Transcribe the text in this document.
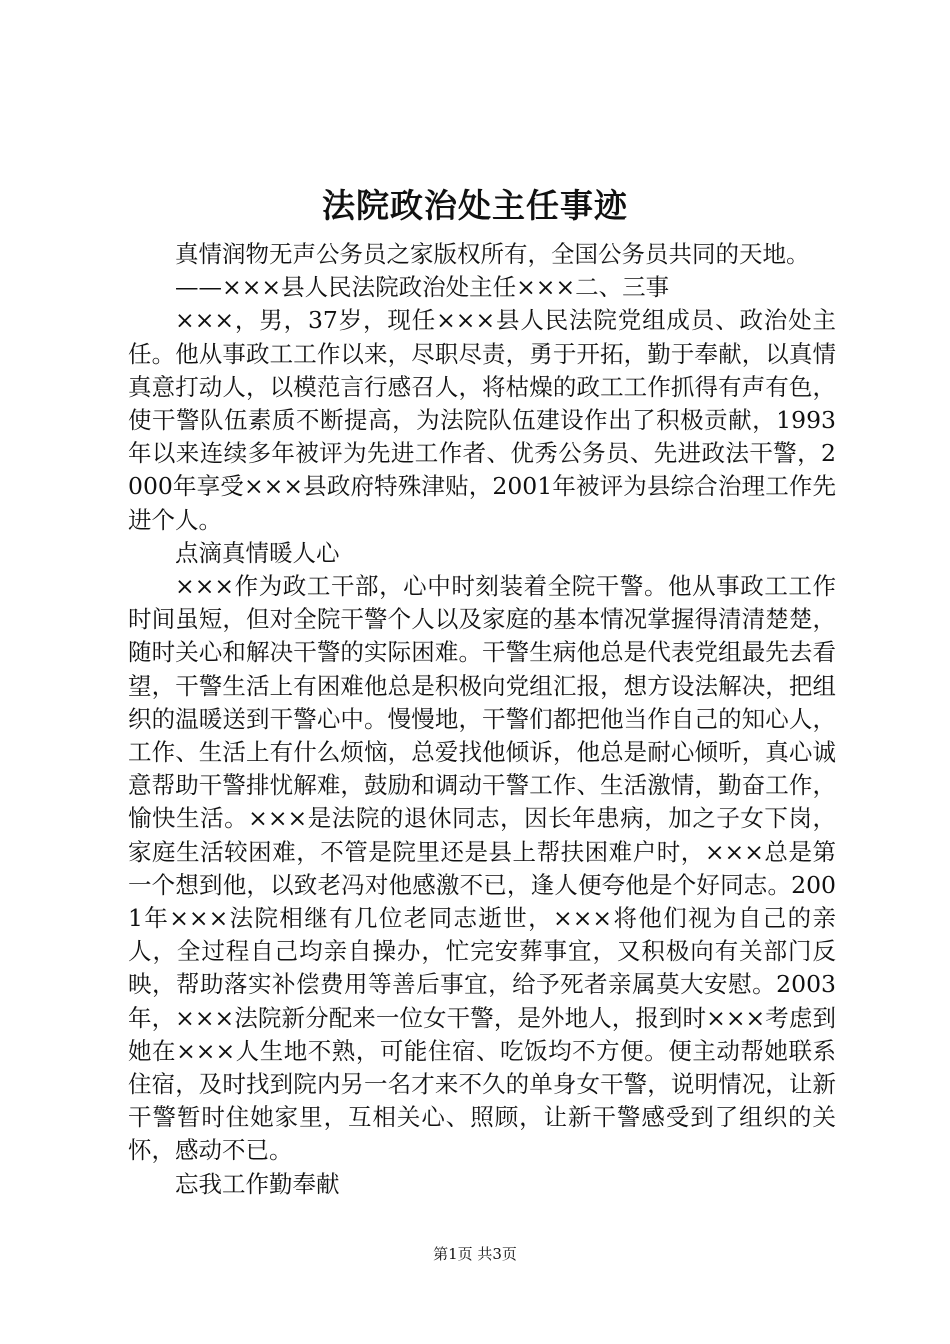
法院政治处主任事迹

真情润物无声公务员之家版权所有，全国公务员共同的天地。

——×××县人民法院政治处主任×××二、三事

×××，男，37岁，现任×××县人民法院党组成员、政治处主任。他从事政工工作以来，尽职尽责，勇于开拓，勤于奉献，以真情真意打动人，以模范言行感召人，将枯燥的政工工作抓得有声有色，使干警队伍素质不断提高，为法院队伍建设作出了积极贡献，1993年以来连续多年被评为先进工作者、优秀公务员、先进政法干警，2000年享受×××县政府特殊津贴，2001年被评为县综合治理工作先进个人。

点滴真情暖人心

×××作为政工干部，心中时刻装着全院干警。他从事政工工作时间虽短，但对全院干警个人以及家庭的基本情况掌握得清清楚楚，随时关心和解决干警的实际困难。干警生病他总是代表党组最先去看望，干警生活上有困难他总是积极向党组汇报，想方设法解决，把组织的温暖送到干警心中。慢慢地，干警们都把他当作自己的知心人，工作、生活上有什么烦恼，总爱找他倾诉，他总是耐心倾听，真心诚意帮助干警排忧解难，鼓励和调动干警工作、生活激情，勤奋工作，愉快生活。×××是法院的退休同志，因长年患病，加之子女下岗，家庭生活较困难，不管是院里还是县上帮扶困难户时，×××总是第一个想到他，以致老冯对他感激不已，逢人便夸他是个好同志。2001年×××法院相继有几位老同志逝世，×××将他们视为自己的亲人，全过程自己均亲自操办，忙完安葬事宜，又积极向有关部门反映，帮助落实补偿费用等善后事宜，给予死者亲属莫大安慰。2003年，×××法院新分配来一位女干警，是外地人，报到时×××考虑到她在×××人生地不熟，可能住宿、吃饭均不方便。便主动帮她联系住宿，及时找到院内另一名才来不久的单身女干警，说明情况，让新干警暂时住她家里，互相关心、照顾，让新干警感受到了组织的关怀，感动不已。

忘我工作勤奉献

第1页 共3页
